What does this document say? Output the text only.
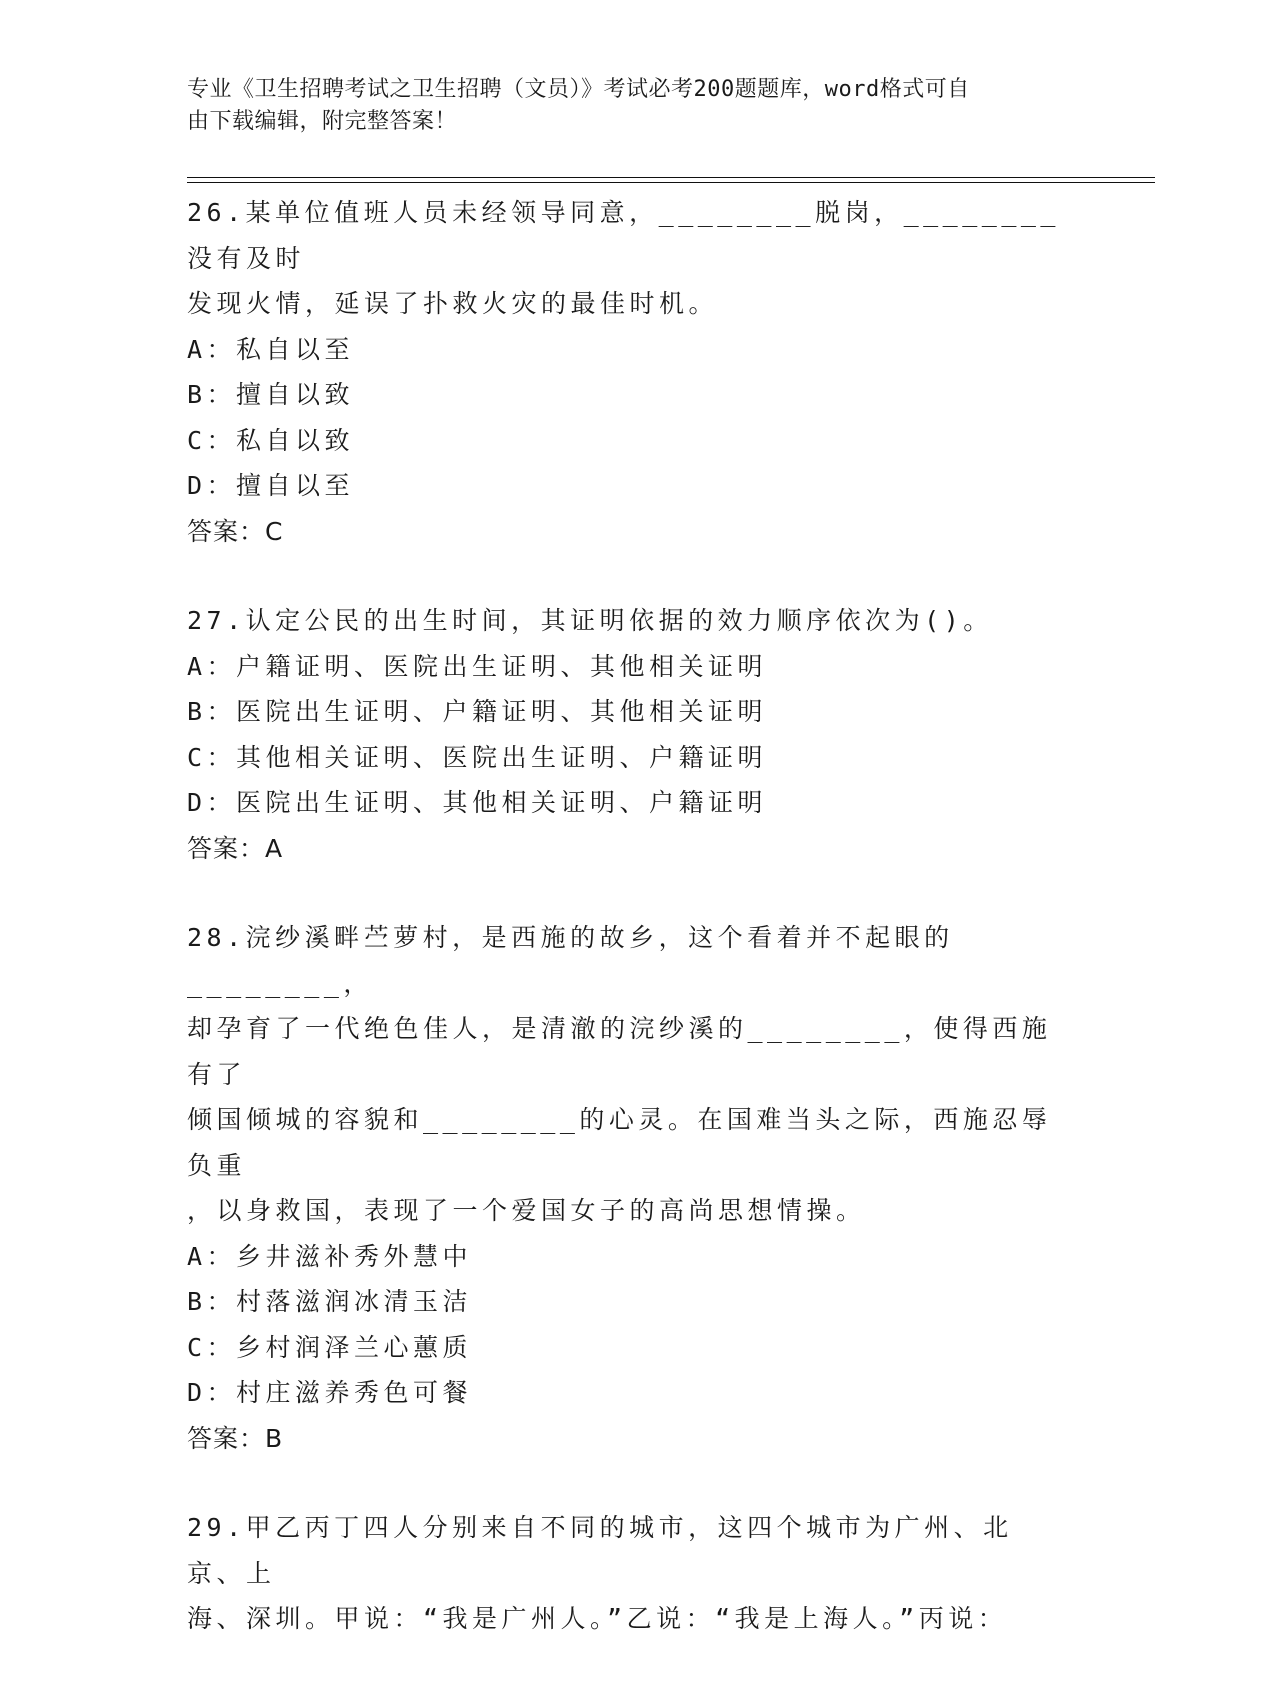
专业《卫生招聘考试之卫生招聘（文员）》考试必考200题题库，word格式可自
由下载编辑，附完整答案！
26.某单位值班人员未经领导同意，________脱岗，________没有及时
发现火情，延误了扑救火灾的最佳时机。
A：私自以至
B：擅自以致
C：私自以致
D：擅自以至
答案：C
27.认定公民的出生时间，其证明依据的效力顺序依次为()。
A：户籍证明、医院出生证明、其他相关证明
B：医院出生证明、户籍证明、其他相关证明
C：其他相关证明、医院出生证明、户籍证明
D：医院出生证明、其他相关证明、户籍证明
答案：A
28.浣纱溪畔苎萝村，是西施的故乡，这个看着并不起眼的________，
却孕育了一代绝色佳人，是清澈的浣纱溪的________，使得西施有了
倾国倾城的容貌和________的心灵。在国难当头之际，西施忍辱负重
，以身救国，表现了一个爱国女子的高尚思想情操。
A：乡井滋补秀外慧中
B：村落滋润冰清玉洁
C：乡村润泽兰心蕙质
D：村庄滋养秀色可餐
答案：B
29.甲乙丙丁四人分别来自不同的城市，这四个城市为广州、北京、上
海、深圳。甲说：“我是广州人。”乙说：“我是上海人。”丙说：
